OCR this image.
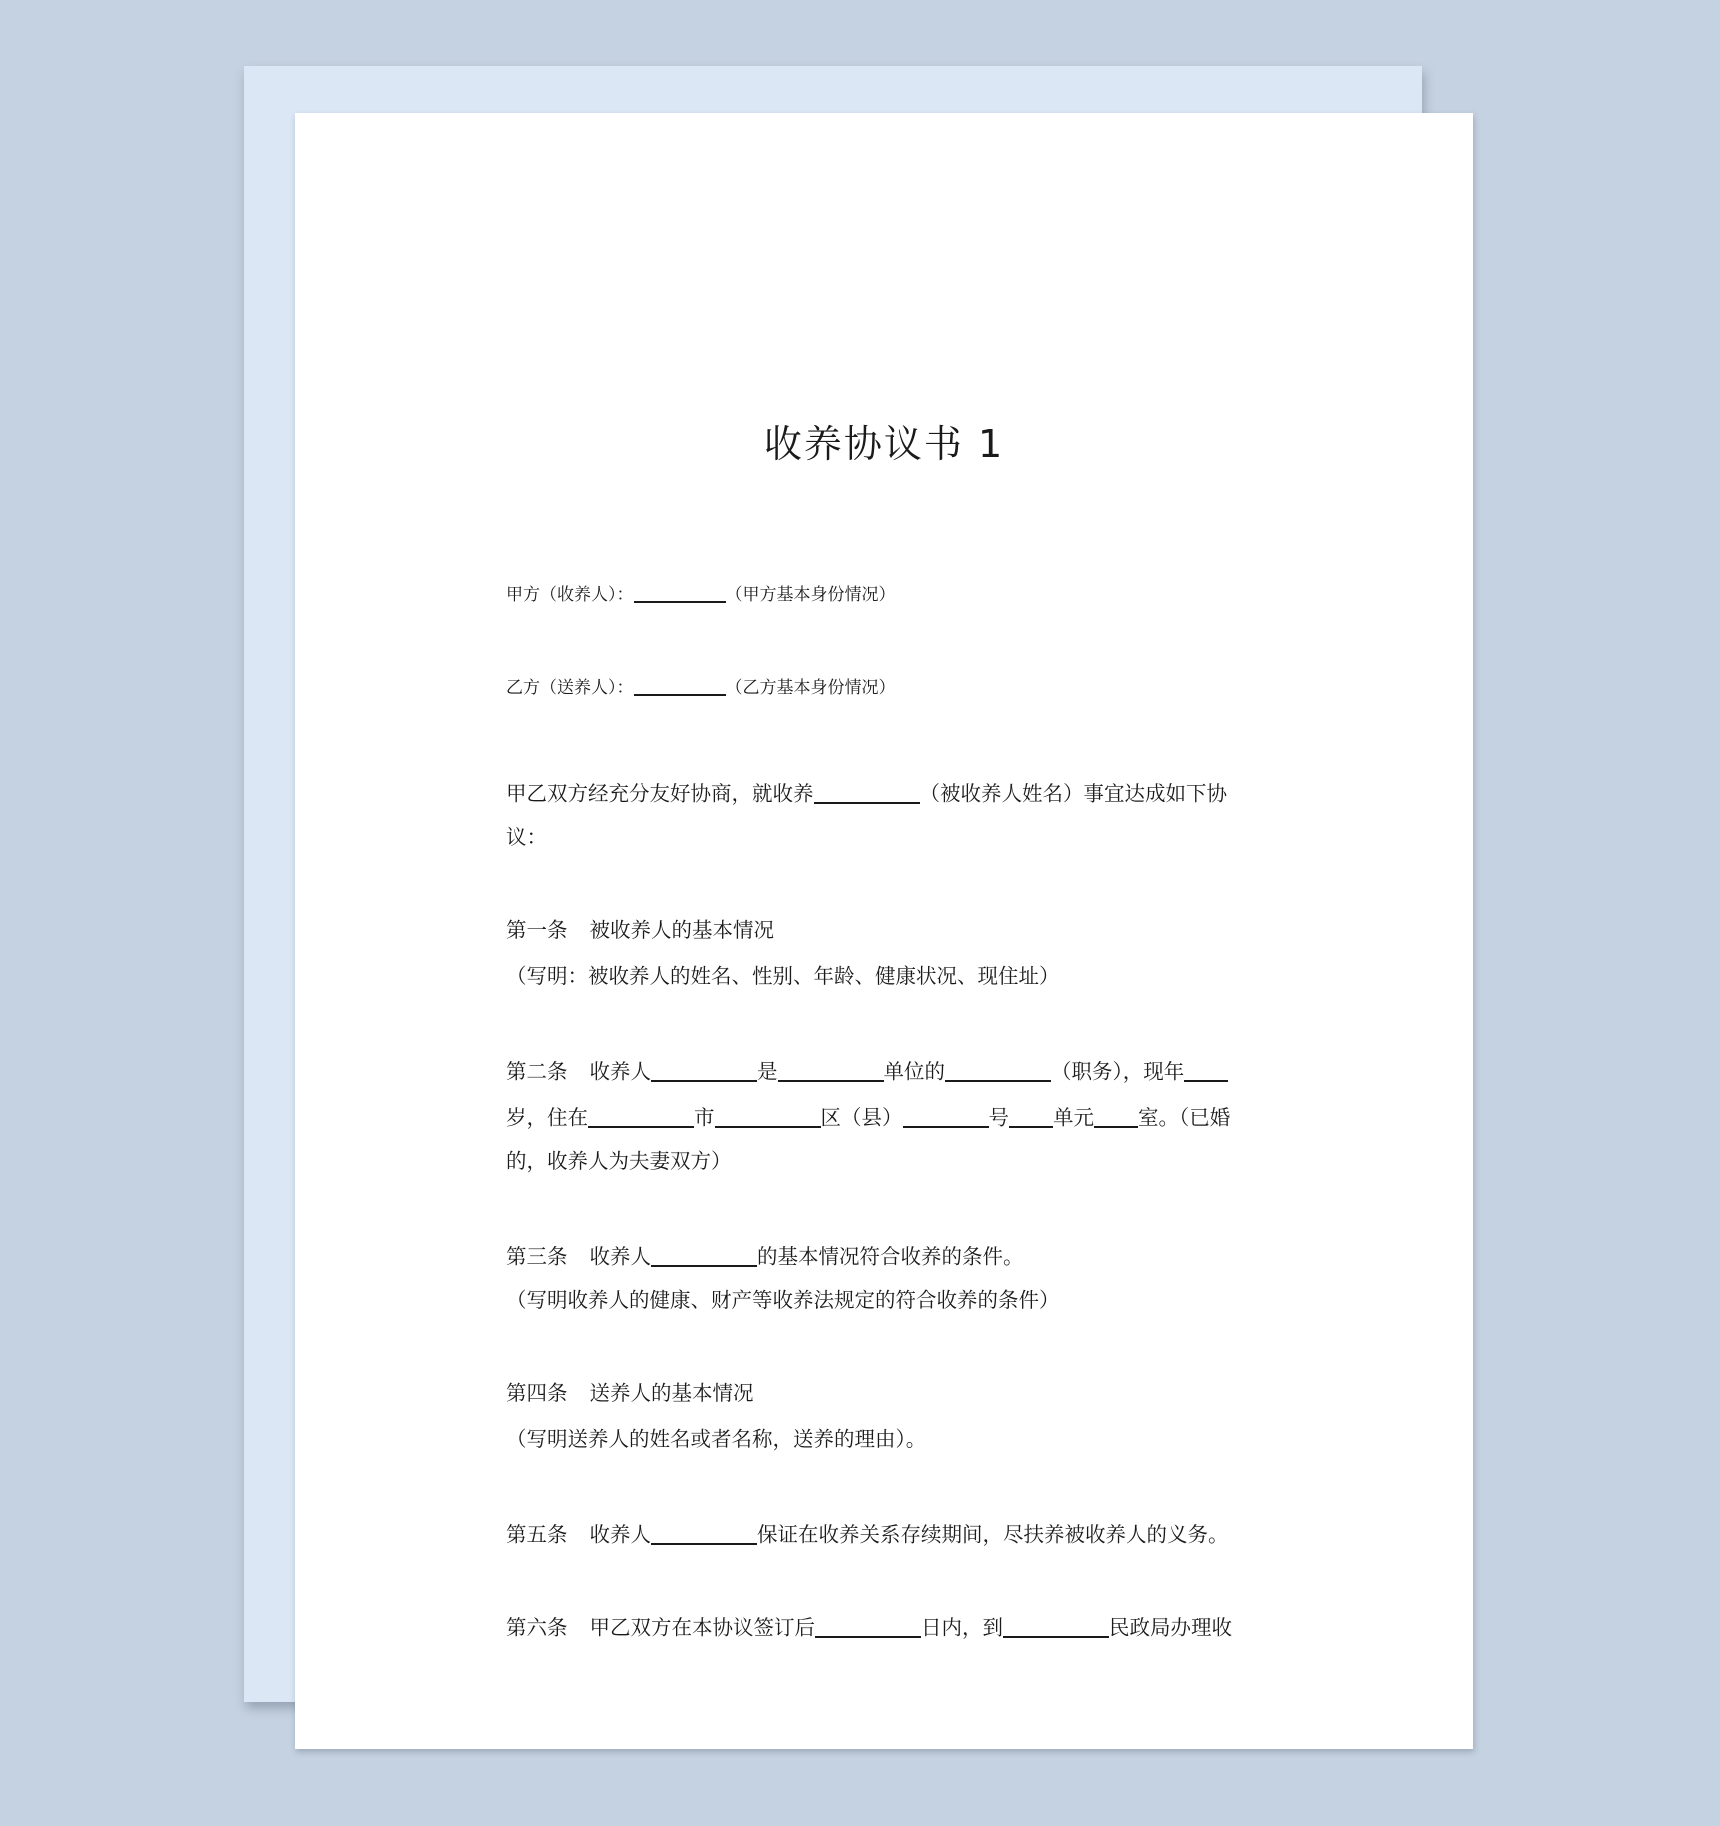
收养协议书 1
甲方（收养人）：	（甲方基本身份情况）
乙方（送养人）：	（乙方基本身份情况）
甲乙双方经充分友好协商，就收养	（被收养人姓名）事宜达成如下协
议：
第一条 被收养人的基本情况
（写明：被收养人的姓名、性别、年龄、健康状况、现住址）
第二条 收养人	是	单位的	（职务），现年
岁，住在	市	区（县）	号 单元 室。（已婚
的，收养人为夫妻双方）
第三条 收养人	的基本情况符合收养的条件。
（写明收养人的健康、财产等收养法规定的符合收养的条件）
第四条 送养人的基本情况
（写明送养人的姓名或者名称，送养的理由）。
第五条 收养人	保证在收养关系存续期间，尽扶养被收养人的义务。
第六条 甲乙双方在本协议签订后	日内，到	民政局办理收
